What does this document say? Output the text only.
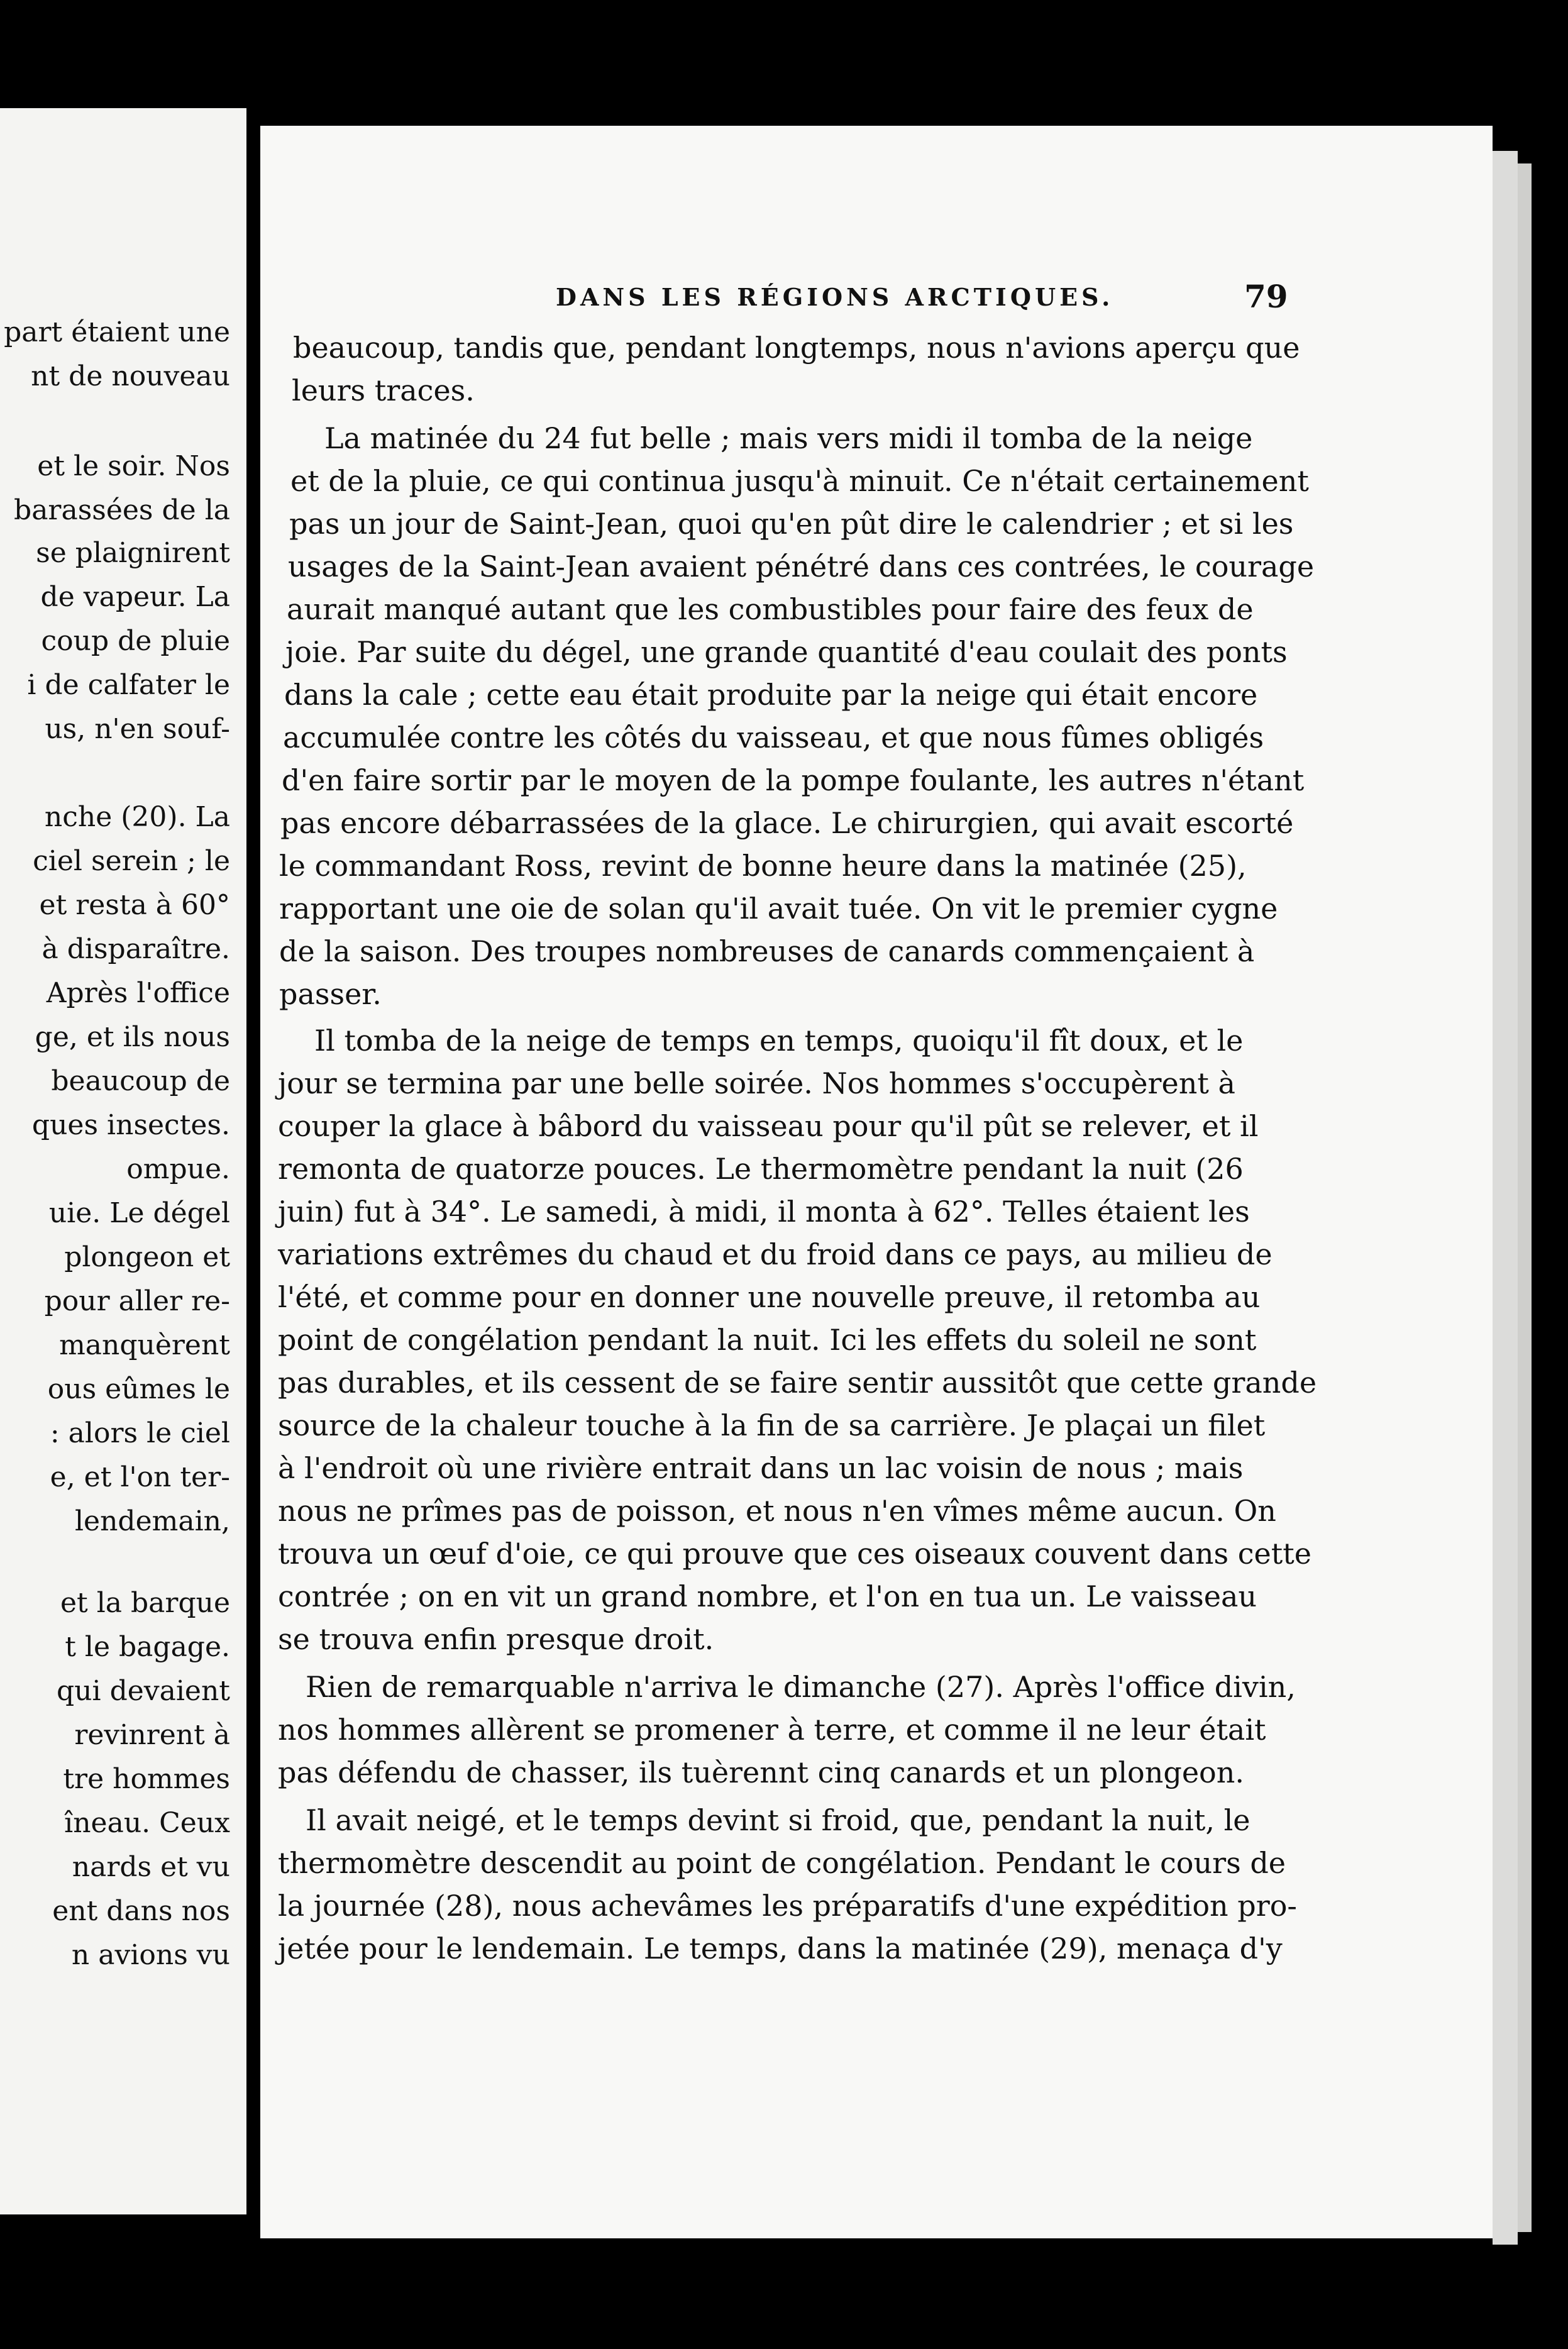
part étaient une
nt de nouveau
et le soir. Nos
barassées de la
se plaignirent
de vapeur. La
coup de pluie
i de calfater le
us, n'en souf-
nche (20). La
ciel serein ; le
et resta à 60°
à disparaître.
Après l'office
ge, et ils nous
beaucoup de
ques insectes.
ompue.
uie. Le dégel
plongeon et
pour aller re-
manquèrent
ous eûmes le
: alors le ciel
e, et l'on ter-
lendemain,
et la barque
t le bagage.
qui devaient
revinrent à
tre hommes
îneau. Ceux
nards et vu
ent dans nos
n avions vu
DANS LES RÉGIONS ARCTIQUES.	79
beaucoup, tandis que, pendant longtemps, nous n'avions aperçu que
leurs traces.
La matinée du 24 fut belle ; mais vers midi il tomba de la neige
et de la pluie, ce qui continua jusqu'à minuit. Ce n'était certainement
pas un jour de Saint-Jean, quoi qu'en pût dire le calendrier ; et si les
usages de la Saint-Jean avaient pénétré dans ces contrées, le courage
aurait manqué autant que les combustibles pour faire des feux de
joie. Par suite du dégel, une grande quantité d'eau coulait des ponts
dans la cale ; cette eau était produite par la neige qui était encore
accumulée contre les côtés du vaisseau, et que nous fûmes obligés
d'en faire sortir par le moyen de la pompe foulante, les autres n'étant
pas encore débarrassées de la glace. Le chirurgien, qui avait escorté
le commandant Ross, revint de bonne heure dans la matinée (25),
rapportant une oie de solan qu'il avait tuée. On vit le premier cygne
de la saison. Des troupes nombreuses de canards commençaient à
passer.
Il tomba de la neige de temps en temps, quoiqu'il fît doux, et le
jour se termina par une belle soirée. Nos hommes s'occupèrent à
couper la glace à bâbord du vaisseau pour qu'il pût se relever, et il
remonta de quatorze pouces. Le thermomètre pendant la nuit (26
juin) fut à 34°. Le samedi, à midi, il monta à 62°. Telles étaient les
variations extrêmes du chaud et du froid dans ce pays, au milieu de
l'été, et comme pour en donner une nouvelle preuve, il retomba au
point de congélation pendant la nuit. Ici les effets du soleil ne sont
pas durables, et ils cessent de se faire sentir aussitôt que cette grande
source de la chaleur touche à la fin de sa carrière. Je plaçai un filet
à l'endroit où une rivière entrait dans un lac voisin de nous ; mais
nous ne prîmes pas de poisson, et nous n'en vîmes même aucun. On
trouva un œuf d'oie, ce qui prouve que ces oiseaux couvent dans cette
contrée ; on en vit un grand nombre, et l'on en tua un. Le vaisseau
se trouva enfin presque droit.
Rien de remarquable n'arriva le dimanche (27). Après l'office divin,
nos hommes allèrent se promener à terre, et comme il ne leur était
pas défendu de chasser, ils tuèrennt cinq canards et un plongeon.
Il avait neigé, et le temps devint si froid, que, pendant la nuit, le
thermomètre descendit au point de congélation. Pendant le cours de
la journée (28), nous achevâmes les préparatifs d'une expédition pro-
jetée pour le lendemain. Le temps, dans la matinée (29), menaça d'y
